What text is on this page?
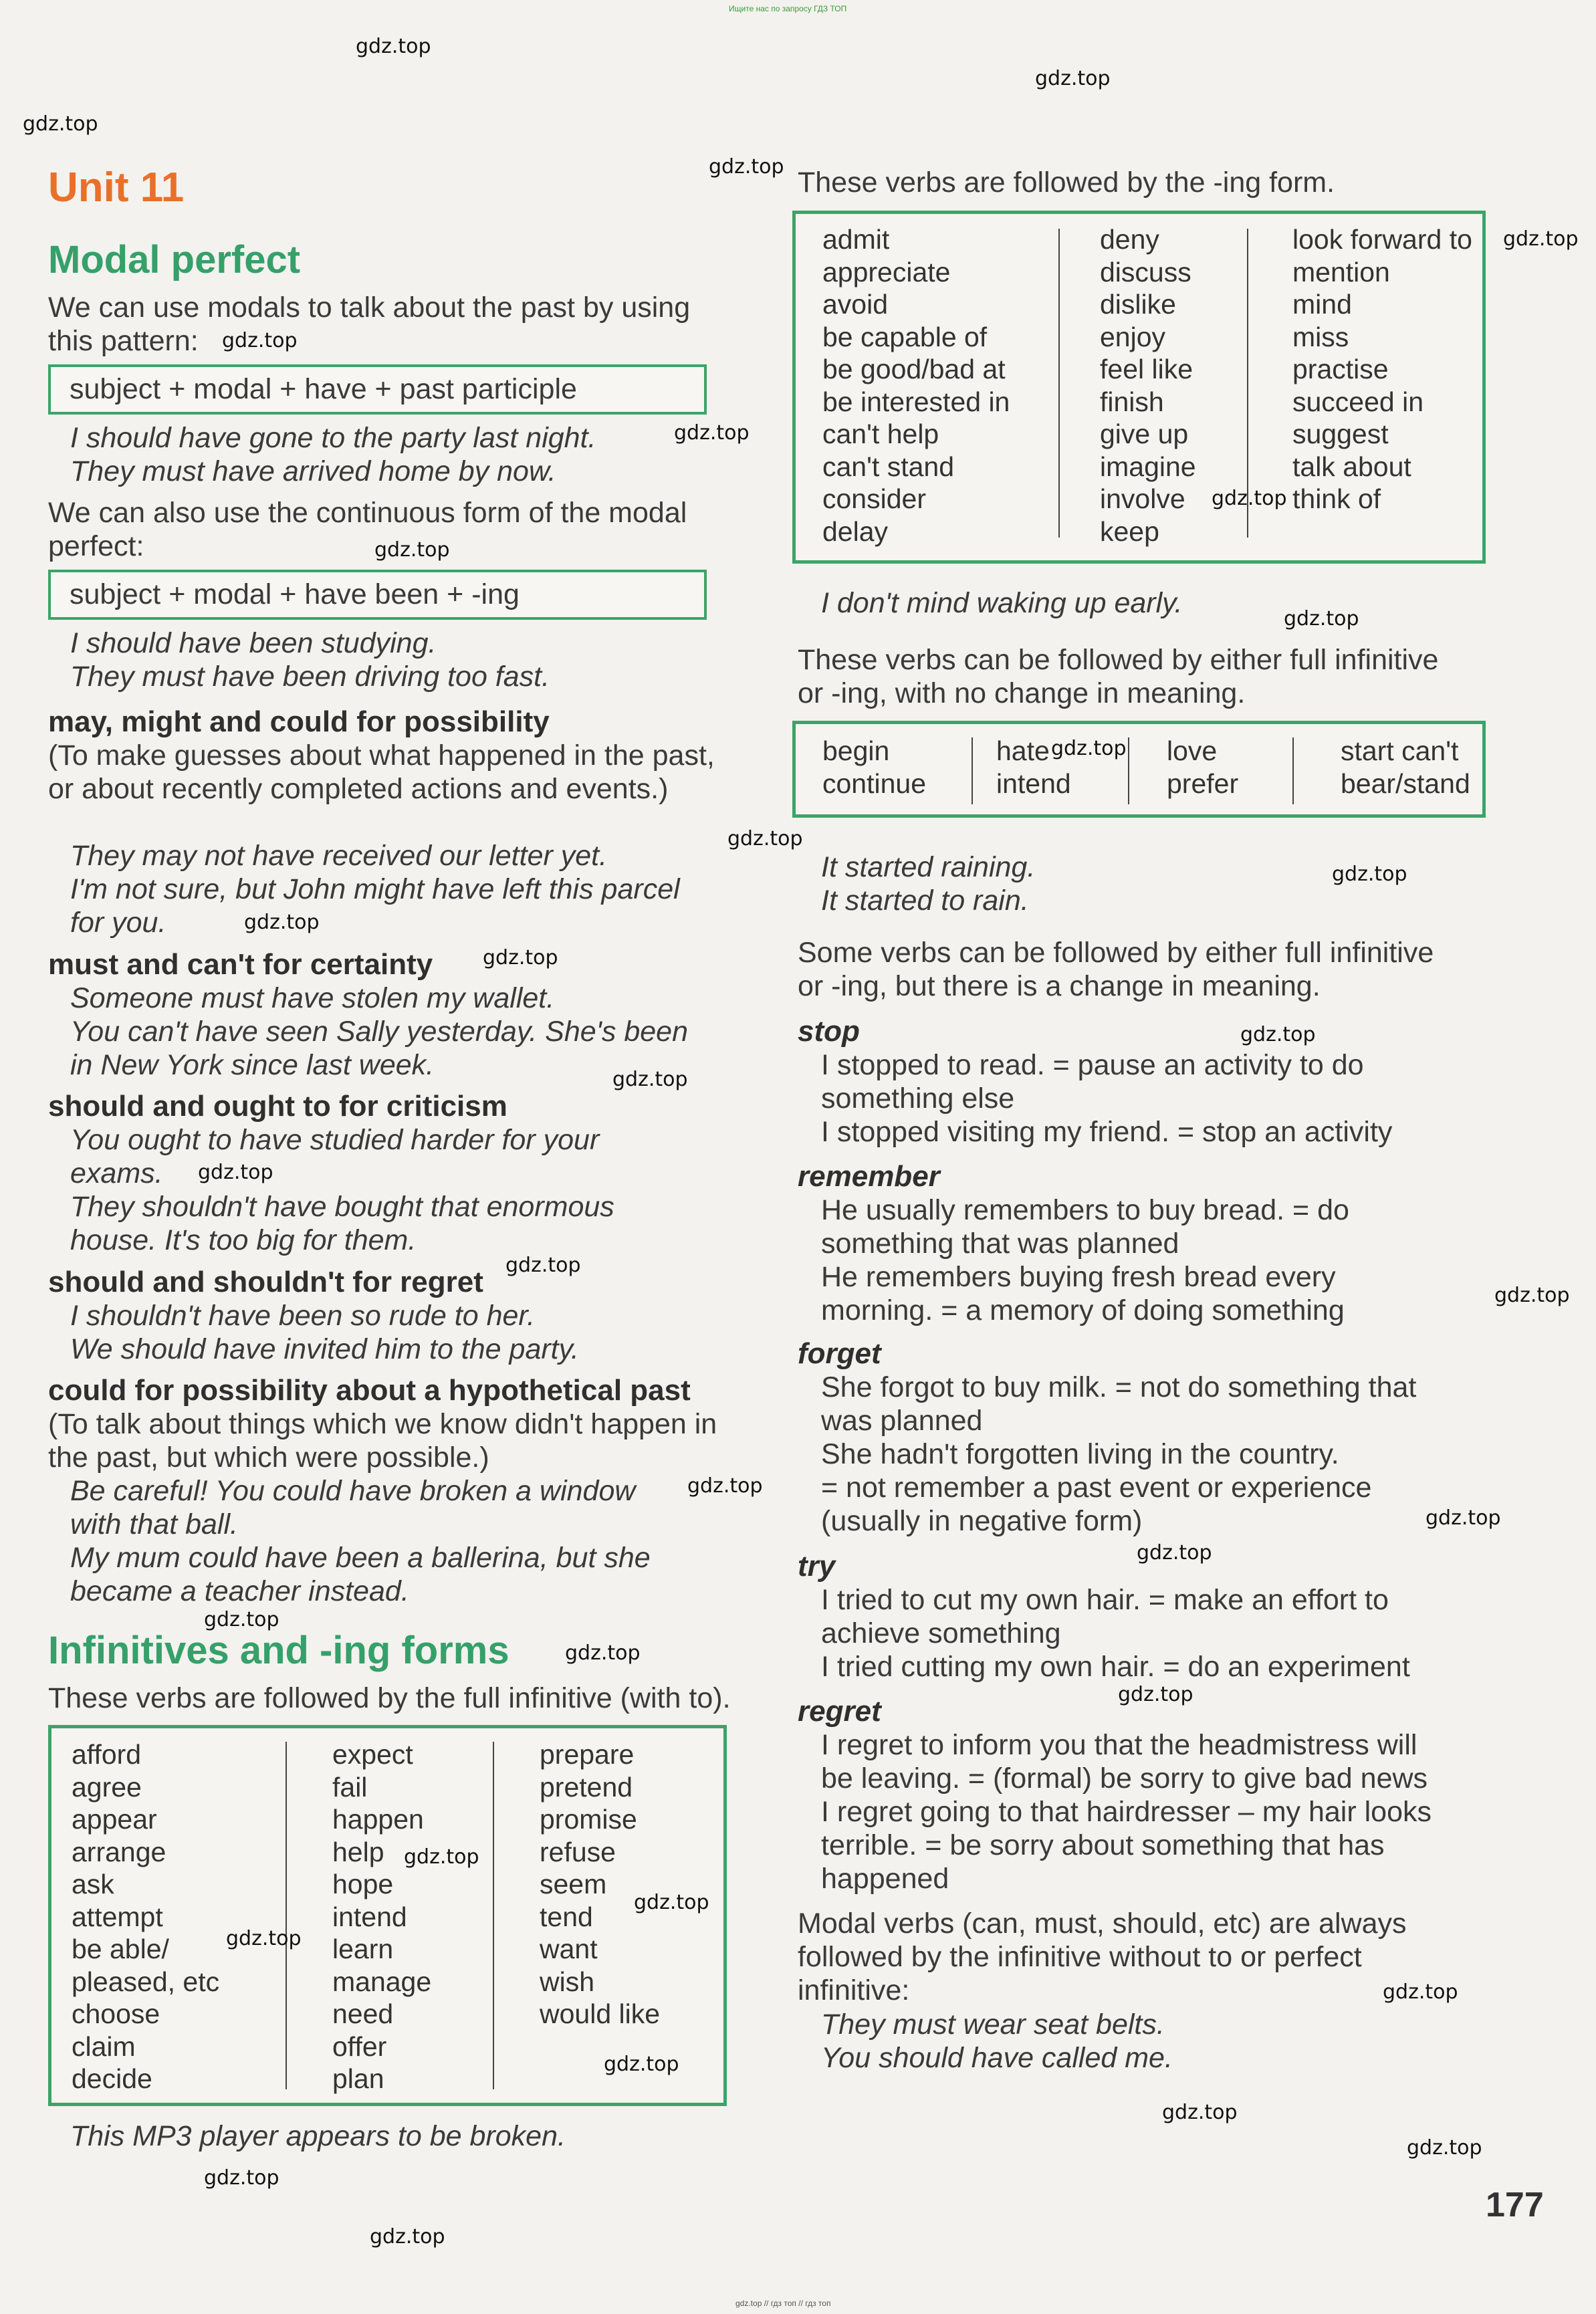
Ищите нас по запросу ГДЗ ТОП
Unit 11
Modal perfect
We can use modals to talk about the past by using this pattern:
subject + modal + have + past participle
I should have gone to the party last night.
They must have arrived home by now.
We can also use the continuous form of the modal perfect:
subject + modal + have been + -ing
I should have been studying.
They must have been driving too fast.
may, might and could for possibility
(To make guesses about what happened in the past, or about recently completed actions and events.)
They may not have received our letter yet.
I'm not sure, but John might have left this parcel
for you.
must and can't for certainty
Someone must have stolen my wallet.
You can't have seen Sally yesterday. She's been
in New York since last week.
should and ought to for criticism
You ought to have studied harder for your
exams.
They shouldn't have bought that enormous
house. It's too big for them.
should and shouldn't for regret
I shouldn't have been so rude to her.
We should have invited him to the party.
could for possibility about a hypothetical past
(To talk about things which we know didn't happen in the past, but which were possible.)
Be careful! You could have broken a window
with that ball.
My mum could have been a ballerina, but she
became a teacher instead.
Infinitives and -ing forms
These verbs are followed by the full infinitive (with to).
afford
agree
appear
arrange
ask
attempt
be able/
pleased, etc
choose
claim
decide
expect
fail
happen
help
hope
intend
learn
manage
need
offer
plan
prepare
pretend
promise
refuse
seem
tend
want
wish
would like
This MP3 player appears to be broken.
These verbs are followed by the -ing form.
admit
appreciate
avoid
be capable of
be good/bad at
be interested in
can't help
can't stand
consider
delay
deny
discuss
dislike
enjoy
feel like
finish
give up
imagine
involve
keep
look forward to
mention
mind
miss
practise
succeed in
suggest
talk about
think of
I don't mind waking up early.
These verbs can be followed by either full infinitive or -ing, with no change in meaning.
begin
continue
hate
intend
love
prefer
start can't
bear/stand
It started raining.
It started to rain.
Some verbs can be followed by either full infinitive or -ing, but there is a change in meaning.
stop
I stopped to read. = pause an activity to do
something else
I stopped visiting my friend. = stop an activity
remember
He usually remembers to buy bread. = do
something that was planned
He remembers buying fresh bread every
morning. = a memory of doing something
forget
She forgot to buy milk. = not do something that
was planned
She hadn't forgotten living in the country.
= not remember a past event or experience
(usually in negative form)
try
I tried to cut my own hair. = make an effort to
achieve something
I tried cutting my own hair. = do an experiment
regret
I regret to inform you that the headmistress will
be leaving. = (formal) be sorry to give bad news
I regret going to that hairdresser – my hair looks
terrible. = be sorry about something that has
happened
Modal verbs (can, must, should, etc) are always followed by the infinitive without to or perfect infinitive:
They must wear seat belts.
You should have called me.
177
gdz.top
gdz.top
gdz.top
gdz.top
gdz.top
gdz.top
gdz.top
gdz.top
gdz.top
gdz.top
gdz.top
gdz.top
gdz.top
gdz.top
gdz.top
gdz.top
gdz.top
gdz.top
gdz.top
gdz.top
gdz.top
gdz.top
gdz.top
gdz.top
gdz.top
gdz.top
gdz.top
gdz.top
gdz.top
gdz.top
gdz.top
gdz.top
gdz.top
gdz.top
gdz.top
gdz.top // гдз топ // гдз топ
